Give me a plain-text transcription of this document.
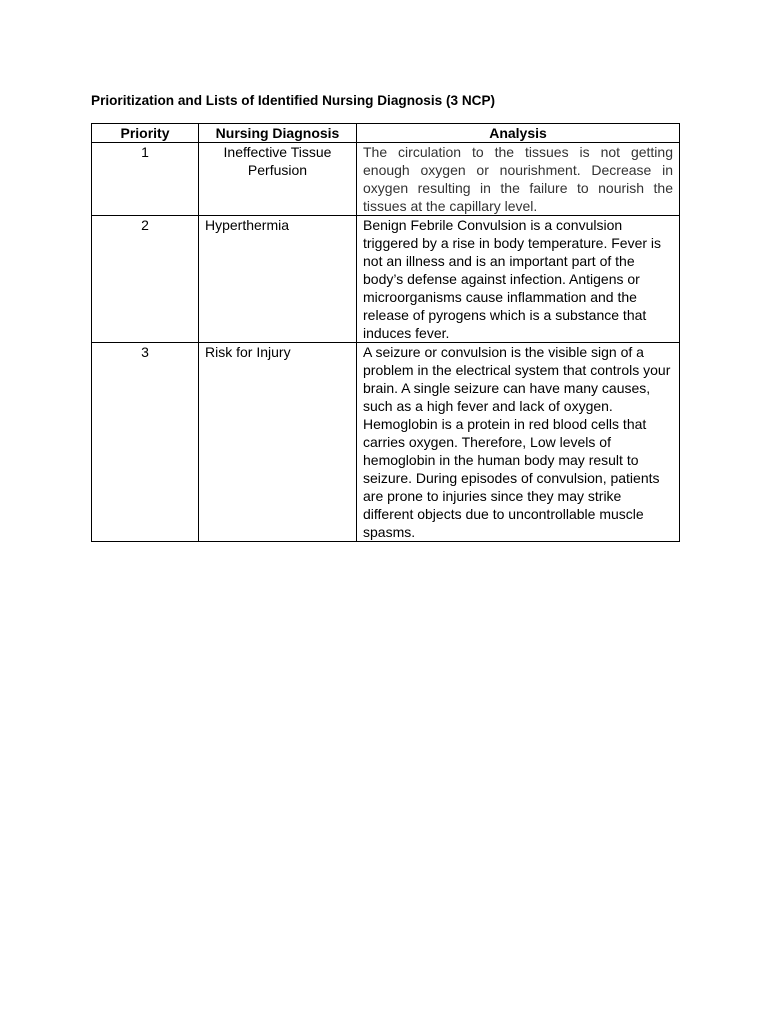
Prioritization and Lists of Identified Nursing Diagnosis (3 NCP)
Priority	Nursing Diagnosis	Analysis
1	Ineffective Tissue Perfusion	The circulation to the tissues is not getting enough oxygen or nourishment. Decrease in oxygen resulting in the failure to nourish the tissues at the capillary level.
2	Hyperthermia	Benign Febrile Convulsion is a convulsion triggered by a rise in body temperature. Fever is not an illness and is an important part of the body’s defense against infection. Antigens or microorganisms cause inflammation and the release of pyrogens which is a substance that induces fever.
3	Risk for Injury	A seizure or convulsion is the visible sign of a problem in the electrical system that controls your brain. A single seizure can have many causes, such as a high fever and lack of oxygen. Hemoglobin is a protein in red blood cells that carries oxygen. Therefore, Low levels of hemoglobin in the human body may result to seizure. During episodes of convulsion, patients are prone to injuries since they may strike different objects due to uncontrollable muscle spasms.
